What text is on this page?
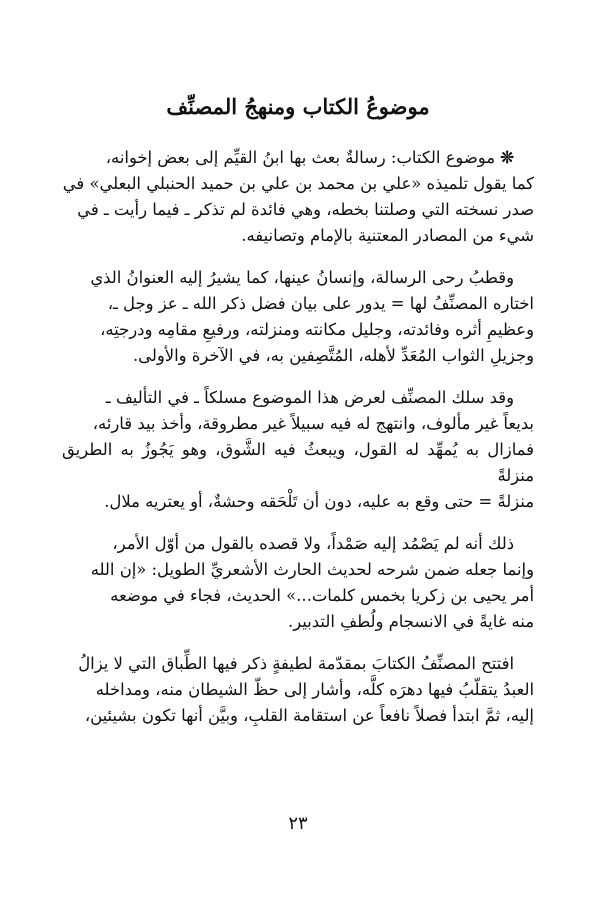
موضوعُ الكتاب ومنهجُ المصنِّف

❊ موضوع الكتاب: رسالةٌ بعث بها ابنُ القيِّم إلى بعض إخوانه،
كما يقول تلميذه «علي بن محمد بن علي بن حميد الحنبلي البعلي» في
صدر نسخته التي وصلتنا بخطه، وهي فائدة لم تذكر ـ فيما رأيت ـ في
شيء من المصادر المعتنية بالإمام وتصانيفه.

وقطبُ رحى الرسالة، وإنسانُ عينها، كما يشيرُ إليه العنوانُ الذي
اختاره المصنِّفُ لها = يدور على بيان فضل ذكر الله ـ عز وجل ـ،
وعظيمِ أثره وفائدته، وجليل مكانته ومنزلته، ورفيعِ مقامِه ودرجتِه،
وجزيلِ الثواب المُعَدِّ لأهله، المُتَّصِفين به، في الآخرة والأولى.

وقد سلك المصنِّف لعرض هذا الموضوع مسلكاً ـ في التأليف ـ
بديعاً غير مألوف، وانتهج له فيه سبيلاً غير مطروقة، وأخذ بيد قارئه،
فمازال به يُمهِّد له القول، ويبعثُ فيه الشَّوق، وهو يَجُوزُ به الطريق منزلةً
منزلةً = حتى وقع به عليه، دون أن تَلْحَقه وحشةٌ، أو يعتريه ملال.

ذلك أنه لم يَصْمُد إليه صَمْداً، ولا قصده بالقول من أوّل الأمر،
وإنما جعله ضمن شرحه لحديث الحارث الأشعريِّ الطويل: «إن الله
أمر يحيى بن زكريا بخمس كلمات...» الحديث، فجاء في موضعه
منه غايةً في الانسجام ولُطفِ التدبير.

افتتح المصنِّفُ الكتابَ بمقدّمة لطيفةٍ ذكر فيها الطِّباق التي لا يزالُ
العبدُ يتقلّبُ فيها دهرَه كلَّه، وأشار إلى حظّ الشيطان منه، ومداخله
إليه، ثمَّ ابتدأ فصلاً نافعاً عن استقامة القلبِ، وبيَّن أنها تكون بشيئين،

٢٣
